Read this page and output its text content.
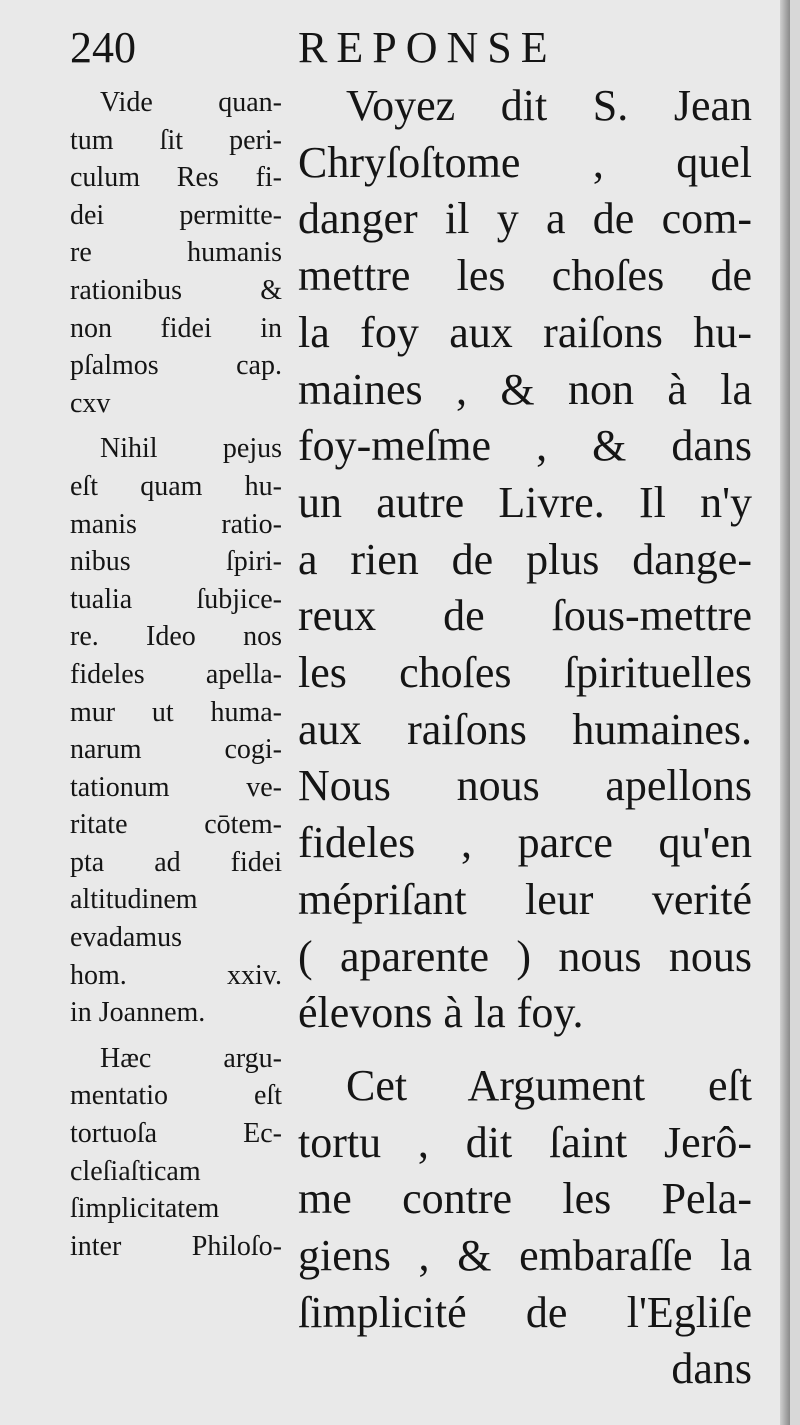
240	REPONSE
Vide quan-
tum ſit peri-
culum Res fi-
dei permitte-
re humanis
rationibus &
non fidei in
pſalmos cap.
cxv
Nihil pejus
eſt quam hu-
manis ratio-
nibus ſpiri-
tualia ſubjice-
re. Ideo nos
fideles apella-
mur ut huma-
narum cogi-
tationum ve-
ritate cōtem-
pta ad fidei
altitudinem
evadamus
hom. xxiv.
in Joannem.
Hæc argu-
mentatio eſt
tortuoſa Ec-
cleſiaſticam
ſimplicitatem
inter Philoſo-
Voyez dit S. Jean
Chryſoſtome , quel
danger il y a de com-
mettre les choſes de
la foy aux raiſons hu-
maines , & non à la
foy-meſme , & dans
un autre Livre. Il n'y
a rien de plus dange-
reux de ſous-mettre
les choſes ſpirituelles
aux raiſons humaines.
Nous nous apellons
fideles , parce qu'en
mépriſant leur verité
( aparente ) nous nous
élevons à la foy.
Cet Argument eſt
tortu , dit ſaint Jerô-
me contre les Pela-
giens , & embaraſſe la
ſimplicité de l'Egliſe
dans
